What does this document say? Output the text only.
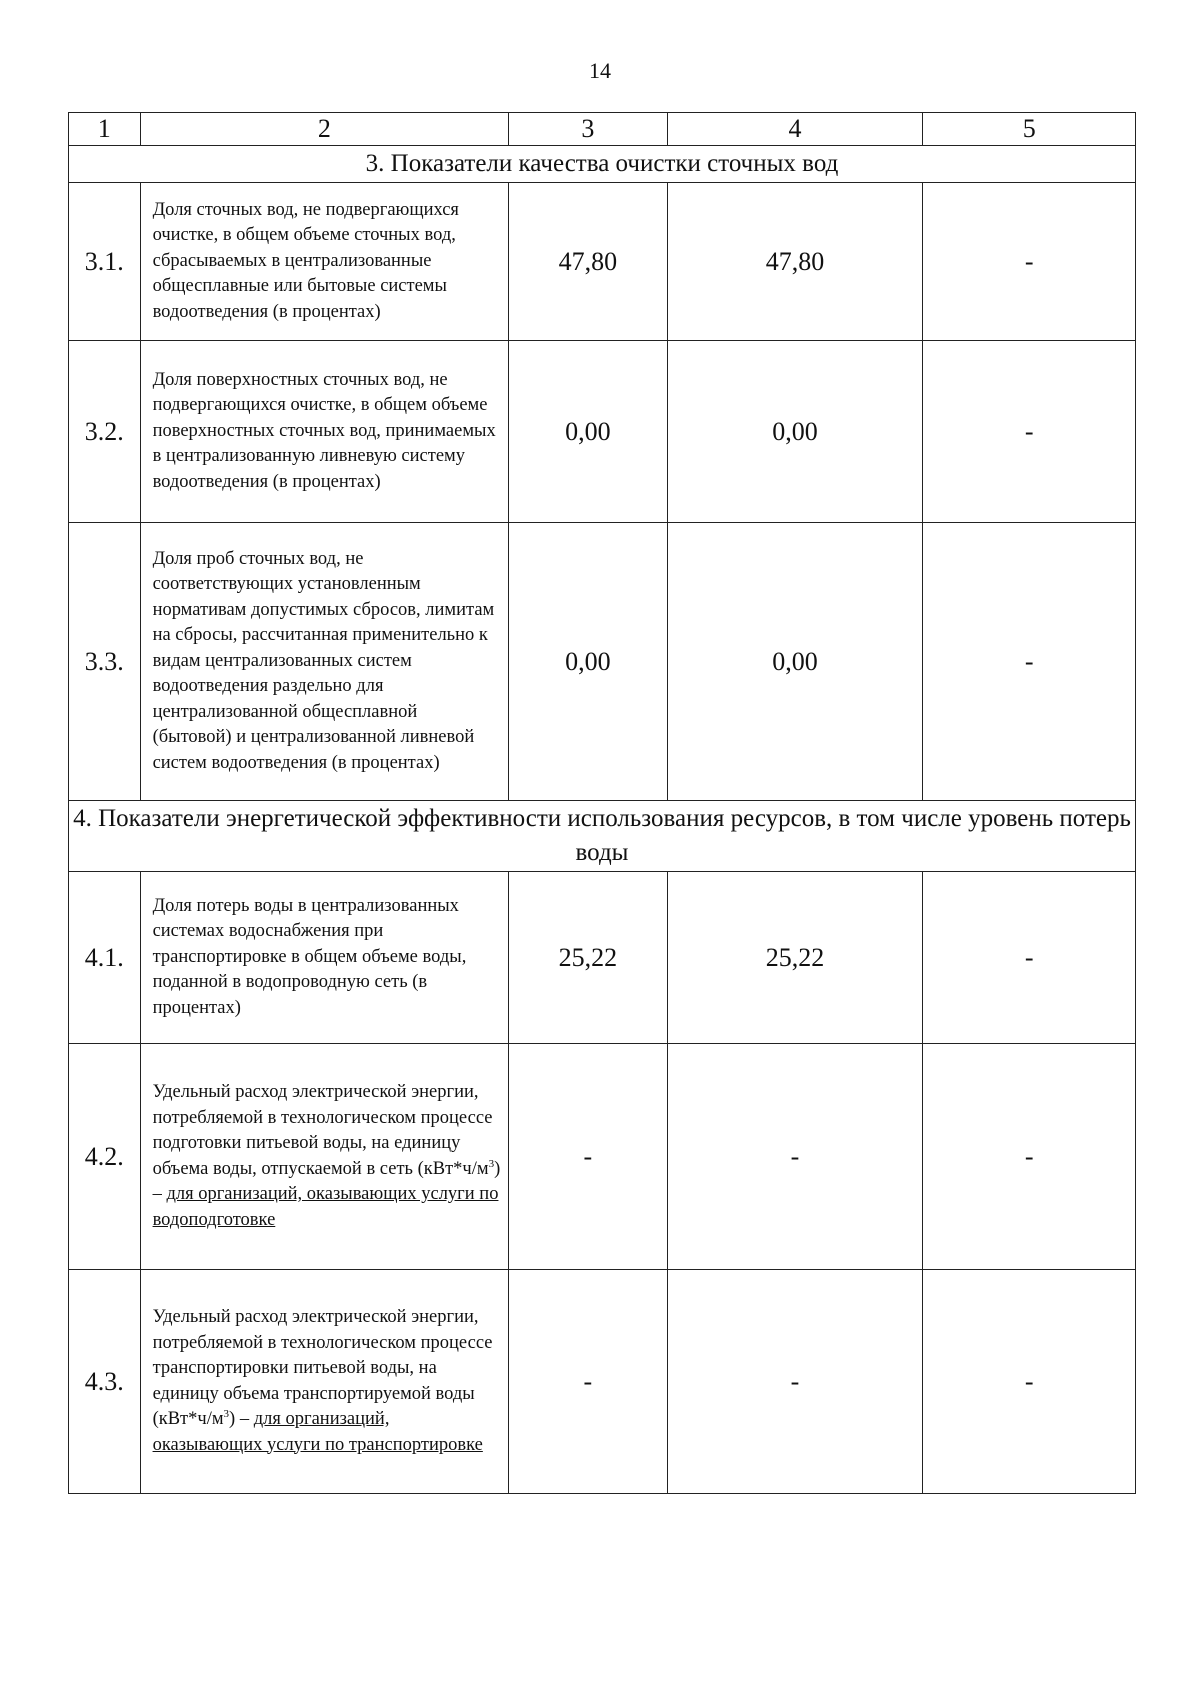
14
1	2	3	4	5
3. Показатели качества очистки сточных вод				
3.1.	Доля сточных вод, не подвергающихся очистке, в общем объеме сточных вод, сбрасываемых в централизованные общесплавные или бытовые системы водоотведения (в процентах)	47,80	47,80	-
3.2.	Доля поверхностных сточных вод, не подвергающихся очистке, в общем объеме поверхностных сточных вод, принимаемых в централизованную ливневую систему водоотведения (в процентах)	0,00	0,00	-
3.3.	Доля проб сточных вод, не соответствующих установленным нормативам допустимых сбросов, лимитам на сбросы, рассчитанная применительно к видам централизованных систем водоотведения раздельно для централизованной общесплавной (бытовой) и централизованной ливневой систем водоотведения (в процентах)	0,00	0,00	-
4. Показатели энергетической эффективности использования ресурсов, в том числе уровень потерь воды				
4.1.	Доля потерь воды в централизованных системах водоснабжения при транспортировке в общем объеме воды, поданной в водопроводную сеть (в процентах)	25,22	25,22	-
4.2.	Удельный расход электрической энергии, потребляемой в технологическом процессе подготовки питьевой воды, на единицу объема воды, отпускаемой в сеть $(кВт*ч/м^3)$ – для организаций, оказывающих услуги по водоподготовке	-	-	-
4.3.	Удельный расход электрической энергии, потребляемой в технологическом процессе транспортировки питьевой воды, на единицу объема транспортируемой воды $(кВт*ч/м^3)$ – для организаций, оказывающих услуги по транспортировке	-	-	-
